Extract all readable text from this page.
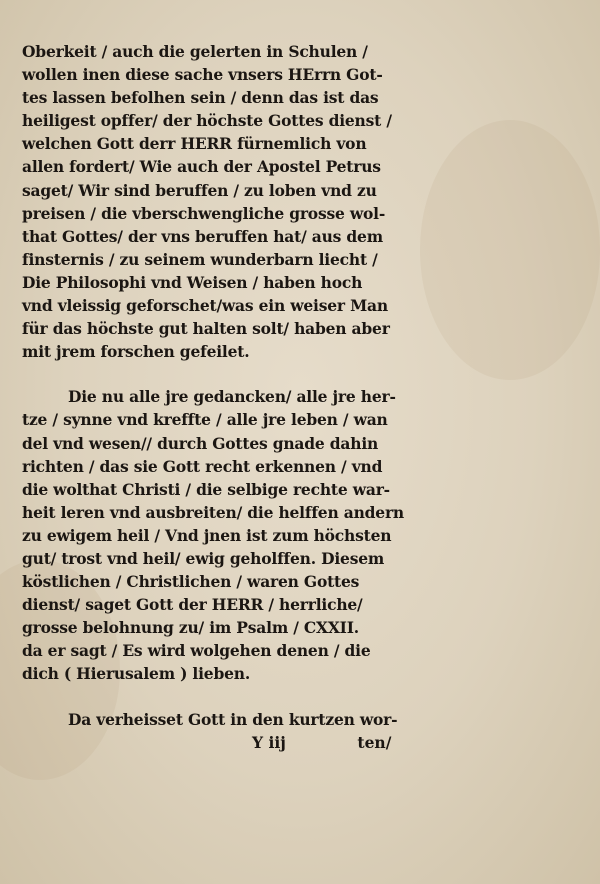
Oberkeit / auch die gelerten in Schulen /
wollen inen diese sache vnsers HErrn Got-
tes lassen befolhen sein / denn das ist das
heiligest opffer/ der höchste Gottes dienst /
welchen Gott derr HERR fürnemlich von
allen fordert/ Wie auch der Apostel Petrus
saget/ Wir sind beruffen / zu loben vnd zu
preisen / die vberschwengliche grosse wol-
that Gottes/ der vns beruffen hat/ aus dem
finsternis / zu seinem wunderbarn liecht /
Die Philosophi vnd Weisen / haben hoch
vnd vleissig geforschet/was ein weiser Man
für das höchste gut halten solt/ haben aber
mit jrem forschen gefeilet.
Die nu alle jre gedancken/ alle jre her-
tze / synne vnd kreffte / alle jre leben / wan
del vnd wesen// durch Gottes gnade dahin
richten / das sie Gott recht erkennen / vnd
die wolthat Christi / die selbige rechte war-
heit leren vnd ausbreiten/ die helffen andern
zu ewigem heil / Vnd jnen ist zum höchsten
gut/ trost vnd heil/ ewig geholffen. Diesem
köstlichen / Christlichen / waren Gottes
dienst/ saget Gott der HERR / herrliche/
grosse belohnung zu/ im Psalm / CXXII.
da er sagt / Es wird wolgehen denen / die
dich ( Hierusalem ) lieben.
Da verheisset Gott in den kurtzen wor-
Y iij	ten/
